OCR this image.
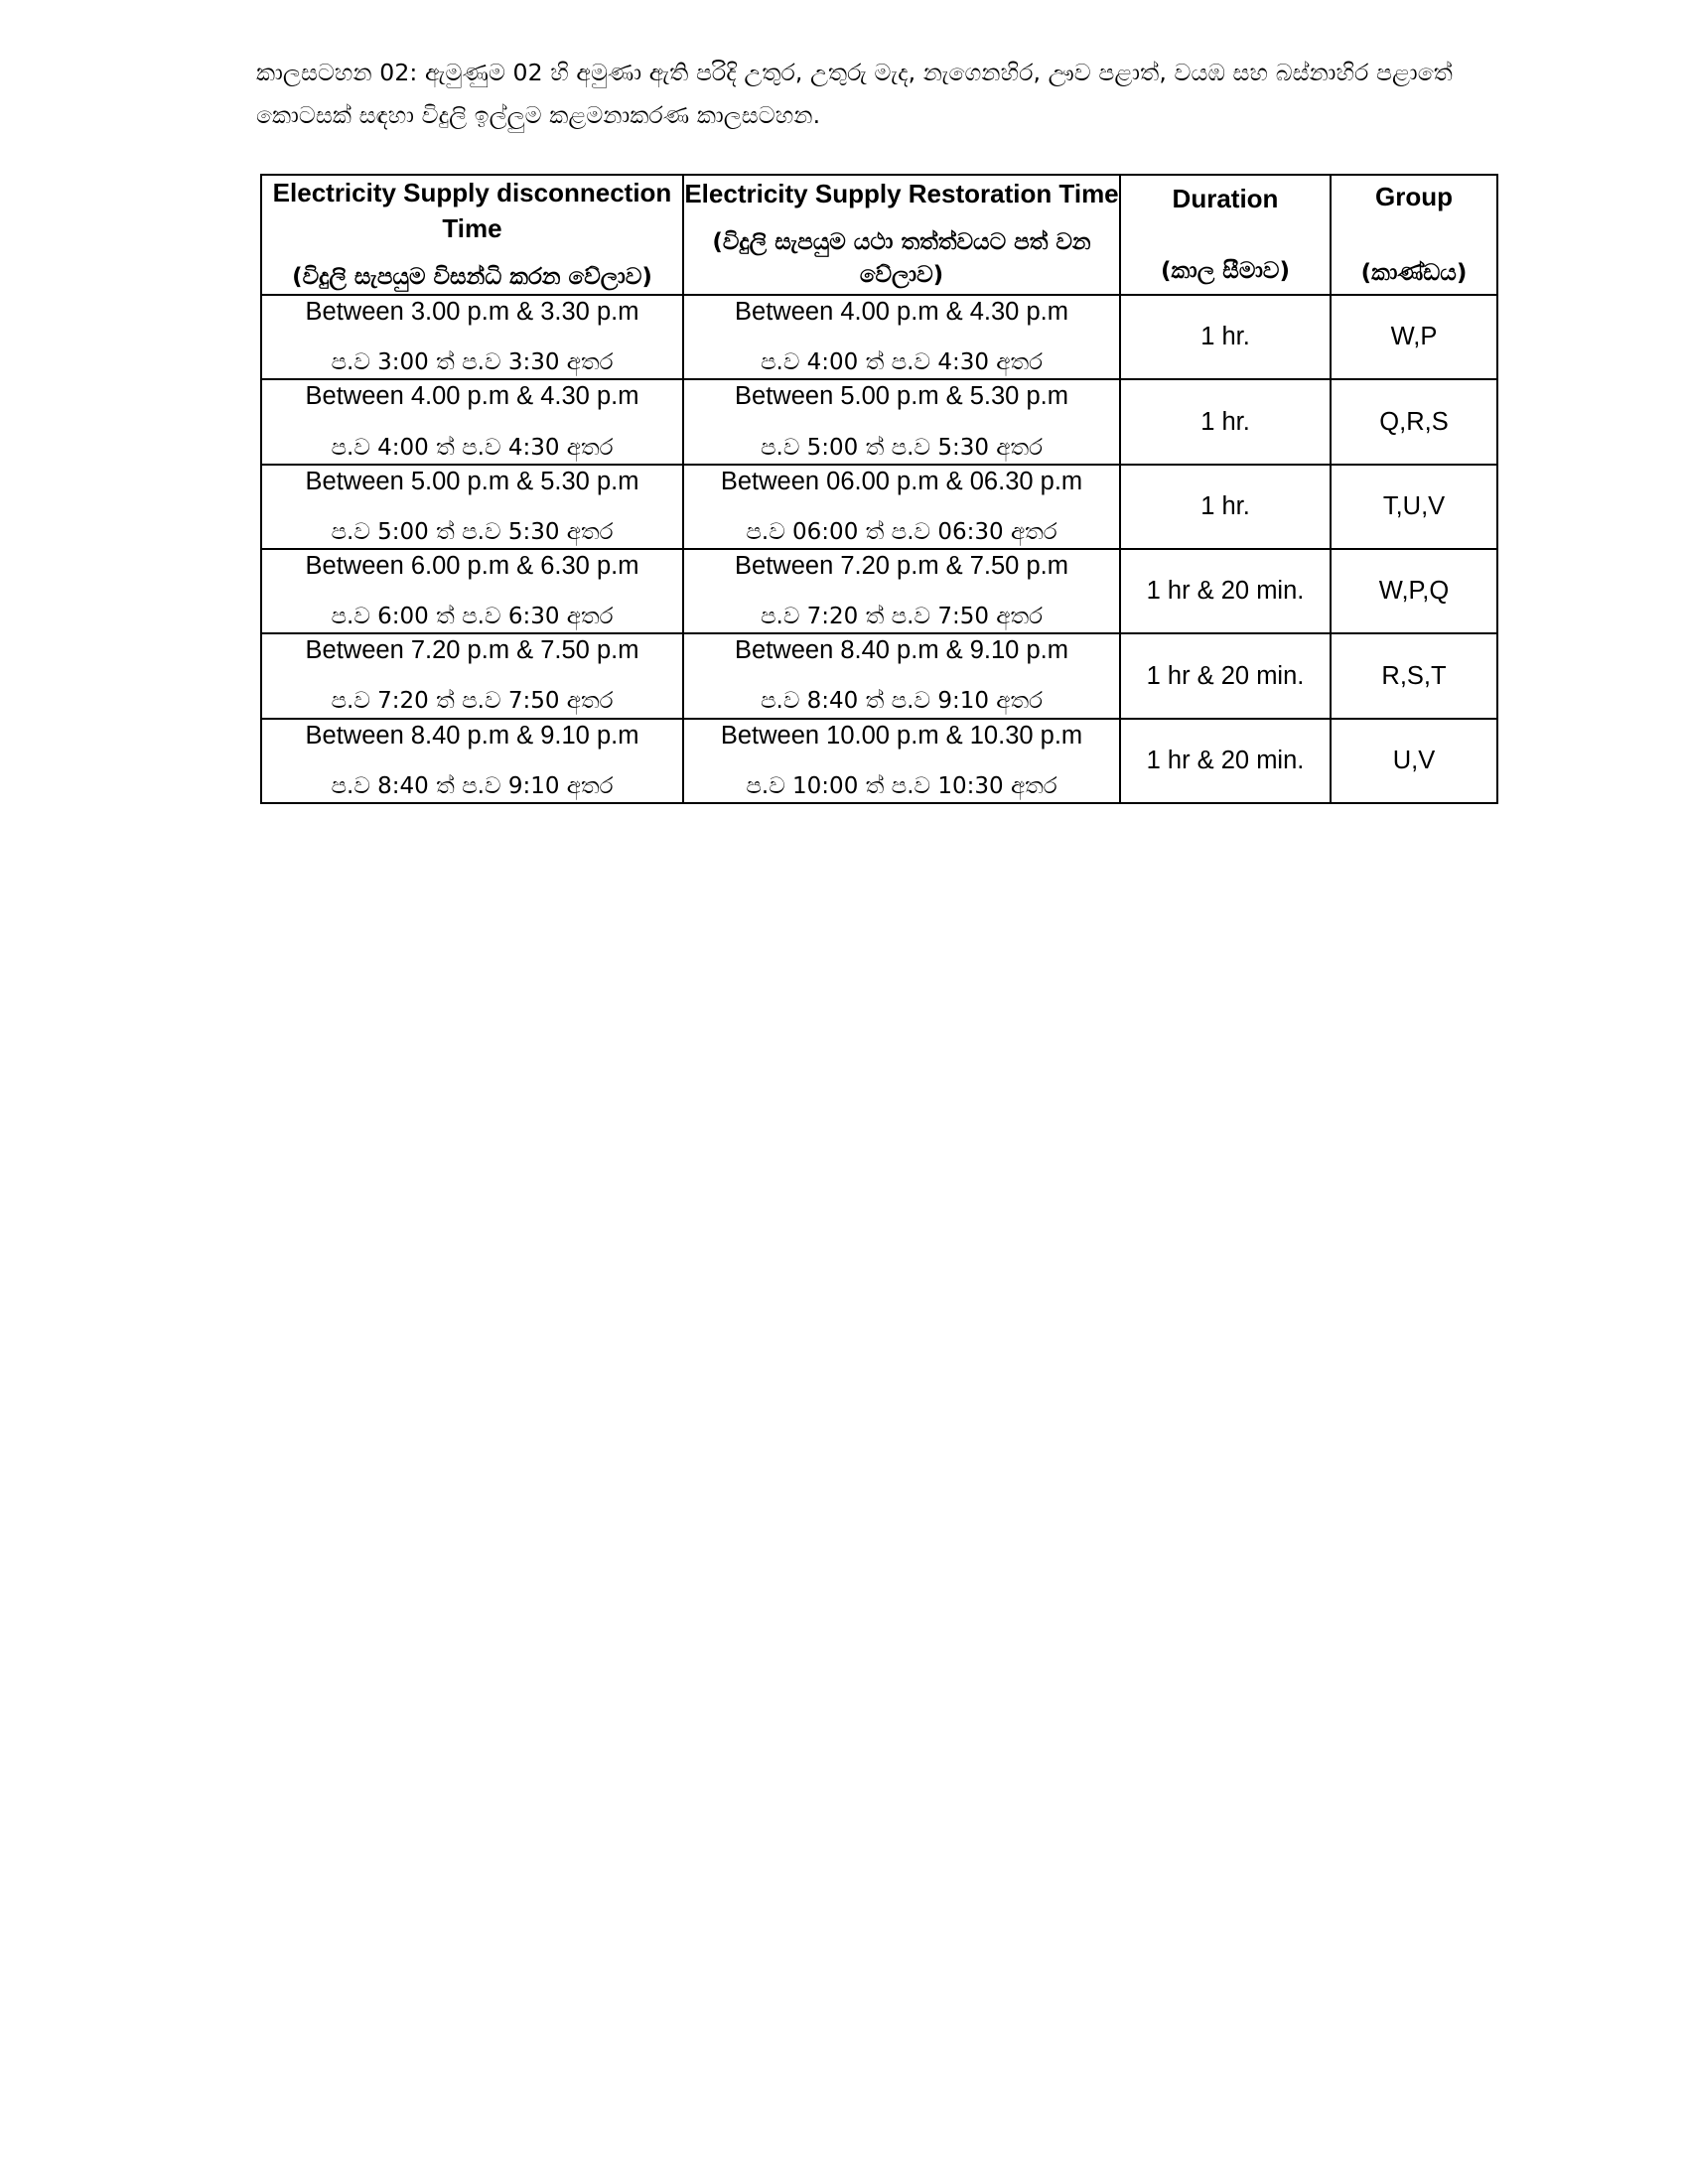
කාලසටහන 02: ඇමුණුම 02 හි අමුණා ඇති පරිදි උතුර, උතුරු මැද, නැගෙනහිර, ඌව පළාත්, වයඹ සහ බස්නාහිර පළාතේ කොටසක් සඳහා විදුලි ඉල්ලුම කළමනාකරණ කාලසටහන.

Electricity Supply disconnection Time
(විදුලි සැපයුම විසන්ධි කරන වේලාව)	Electricity Supply Restoration Time
(විදුලි සැපයුම යථා තත්ත්වයට පත් වන වේලාව)	Duration
(කාල සීමාව)	Group
(කාණ්ඩය)

Between 3.00 p.m & 3.30 p.m
ප.ව 3:00 ත් ප.ව 3:30 අතර	Between 4.00 p.m & 4.30 p.m
ප.ව 4:00 ත් ප.ව 4:30 අතර	1 hr.	W,P

Between 4.00 p.m & 4.30 p.m
ප.ව 4:00 ත් ප.ව 4:30 අතර	Between 5.00 p.m & 5.30 p.m
ප.ව 5:00 ත් ප.ව 5:30 අතර	1 hr.	Q,R,S

Between 5.00 p.m & 5.30 p.m
ප.ව 5:00 ත් ප.ව 5:30 අතර	Between 06.00 p.m & 06.30 p.m
ප.ව 06:00 ත් ප.ව 06:30 අතර	1 hr.	T,U,V

Between 6.00 p.m & 6.30 p.m
ප.ව 6:00 ත් ප.ව 6:30 අතර	Between 7.20 p.m & 7.50 p.m
ප.ව 7:20 ත් ප.ව 7:50 අතර	1 hr & 20 min.	W,P,Q

Between 7.20 p.m & 7.50 p.m
ප.ව 7:20 ත් ප.ව 7:50 අතර	Between 8.40 p.m & 9.10 p.m
ප.ව 8:40 ත් ප.ව 9:10 අතර	1 hr & 20 min.	R,S,T

Between 8.40 p.m & 9.10 p.m
ප.ව 8:40 ත් ප.ව 9:10 අතර	Between 10.00 p.m & 10.30 p.m
ප.ව 10:00 ත් ප.ව 10:30 අතර	1 hr & 20 min.	U,V
